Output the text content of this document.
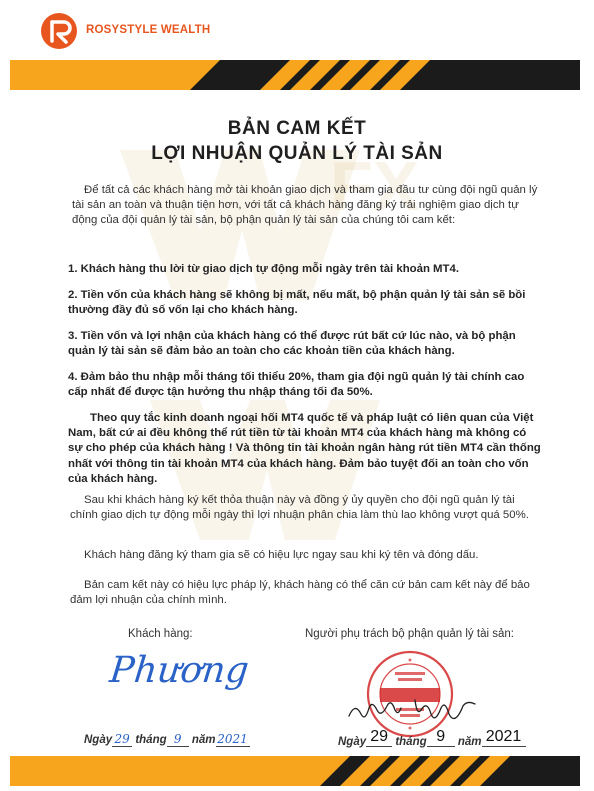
FX
ROSYSTYLE WEALTH
BẢN CAM KẾT
LỢI NHUẬN QUẢN LÝ TÀI SẢN
Để tất cả các khách hàng mở tài khoản giao dịch và tham gia đầu tư cùng đội ngũ quản lý tài sản an toàn và thuận tiện hơn, với tất cả khách hàng đăng ký trải nghiệm giao dịch tự động của đội quản lý tài sản, bộ phận quản lý tài sản của chúng tôi cam kết:
1. Khách hàng thu lời từ giao dịch tự động mỗi ngày trên tài khoản MT4.
2. Tiền vốn của khách hàng sẽ không bị mất, nếu mất, bộ phận quản lý tài sản sẽ bồi thường đầy đủ số vốn lại cho khách hàng.
3. Tiền vốn và lợi nhận của khách hàng có thể được rút bất cứ lúc nào, và bộ phận quản lý tài sản sẽ đảm bảo an toàn cho các khoản tiền của khách hàng.
4. Đảm bảo thu nhập mỗi tháng tối thiểu 20%, tham gia đội ngũ quản lý tài chính cao cấp nhất để được tận hưởng thu nhập tháng tối đa 50%.
Theo quy tắc kinh doanh ngoại hối MT4 quốc tế và pháp luật có liên quan của Việt Nam, bất cứ ai đều không thể rút tiền từ tài khoản MT4 của khách hàng mà không có sự cho phép của khách hàng ! Và thông tin tài khoản ngân hàng rút tiền MT4 cần thống nhất với thông tin tài khoản MT4 của khách hàng. Đảm bảo tuyệt đối an toàn cho vốn của khách hàng.
Sau khi khách hàng ký kết thỏa thuận này và đồng ý ủy quyền cho đội ngũ quản lý tài chính giao dịch tự động mỗi ngày thì lợi nhuận phân chia làm thù lao không vượt quá 50%.
Khách hàng đăng ký tham gia sẽ có hiệu lực ngay sau khi ký tên và đóng dấu.
Bản cam kết này có hiệu lực pháp lý, khách hàng có thể căn cứ bản cam kết này để bảo đảm lợi nhuận của chính mình.
Khách hàng:	Người phụ trách bộ phận quản lý tài sản:
Phương
Ngày 29 tháng 9 năm 2021	Ngày 29 tháng 9 năm 2021
